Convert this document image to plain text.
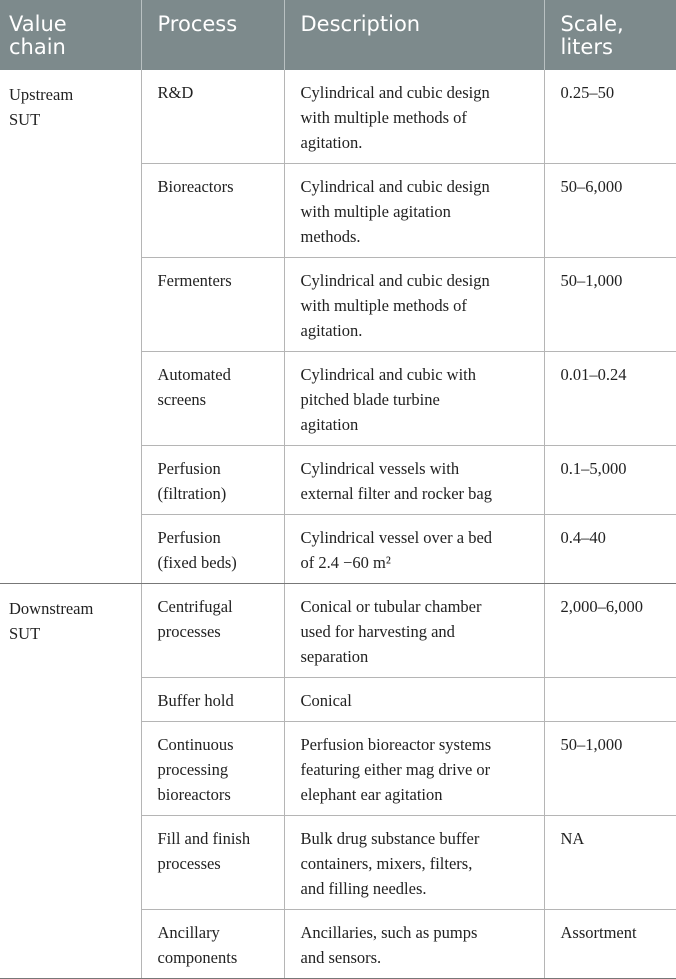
Value
chain	Process	Description	Scale,
liters

Upstream
SUT	R&D	Cylindrical and cubic design
with multiple methods of
agitation.	0.25–50

	Bioreactors	Cylindrical and cubic design
with multiple agitation
methods.	50–6,000

	Fermenters	Cylindrical and cubic design
with multiple methods of
agitation.	50–1,000

	Automated
screens	Cylindrical and cubic with
pitched blade turbine
agitation	0.01–0.24

	Perfusion
(filtration)	Cylindrical vessels with
external filter and rocker bag	0.1–5,000

	Perfusion
(fixed beds)	Cylindrical vessel over a bed
of 2.4 −60 m²	0.4–40

Downstream
SUT	Centrifugal
processes	Conical or tubular chamber
used for harvesting and
separation	2,000–6,000

	Buffer hold	Conical	

	Continuous
processing
bioreactors	Perfusion bioreactor systems
featuring either mag drive or
elephant ear agitation	50–1,000

	Fill and finish
processes	Bulk drug substance buffer
containers, mixers, filters,
and filling needles.	NA

	Ancillary
components	Ancillaries, such as pumps
and sensors.	Assortment
